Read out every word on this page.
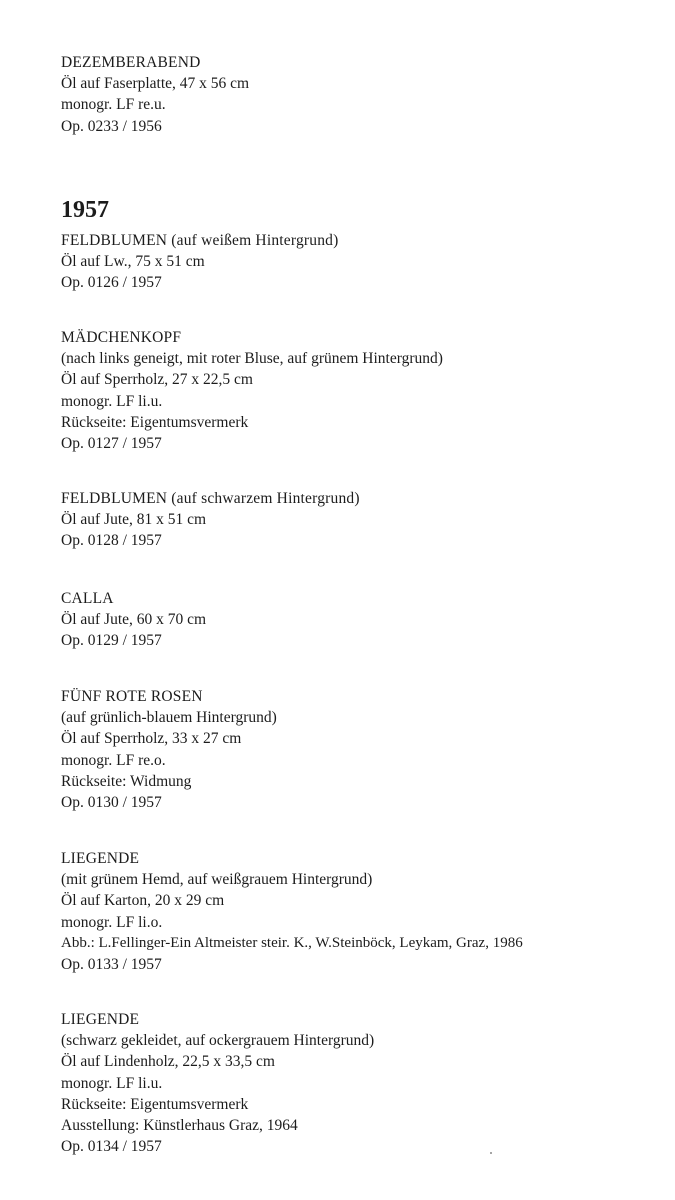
DEZEMBERABEND
Öl auf Faserplatte, 47 x 56 cm
monogr. LF re.u.
Op. 0233 / 1956
1957
FELDBLUMEN (auf weißem Hintergrund)
Öl auf Lw., 75 x 51 cm
Op. 0126 / 1957
MÄDCHENKOPF
(nach links geneigt, mit roter Bluse, auf grünem Hintergrund)
Öl auf Sperrholz, 27 x 22,5 cm
monogr. LF li.u.
Rückseite: Eigentumsvermerk
Op. 0127 / 1957
FELDBLUMEN (auf schwarzem Hintergrund)
Öl auf Jute, 81 x 51 cm
Op. 0128 / 1957
CALLA
Öl auf Jute, 60 x 70 cm
Op. 0129 / 1957
FÜNF ROTE ROSEN
(auf grünlich-blauem Hintergrund)
Öl auf Sperrholz, 33 x 27 cm
monogr. LF re.o.
Rückseite: Widmung
Op. 0130 / 1957
LIEGENDE
(mit grünem Hemd, auf weißgrauem Hintergrund)
Öl auf Karton, 20 x 29 cm
monogr. LF li.o.
Abb.: L.Fellinger-Ein Altmeister steir. K., W.Steinböck, Leykam, Graz, 1986
Op. 0133 / 1957
LIEGENDE
(schwarz gekleidet, auf ockergrauem Hintergrund)
Öl auf Lindenholz, 22,5 x 33,5 cm
monogr. LF li.u.
Rückseite: Eigentumsvermerk
Ausstellung: Künstlerhaus Graz, 1964
Op. 0134 / 1957
